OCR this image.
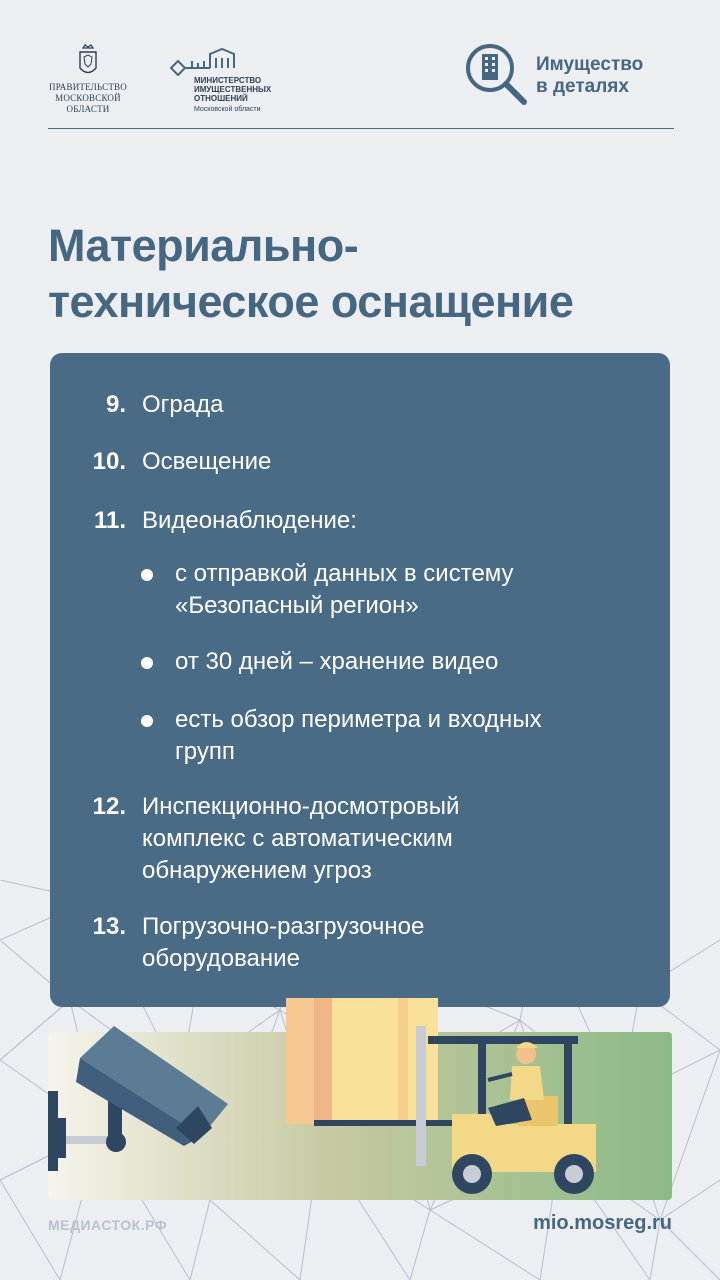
ПРАВИТЕЛЬСТВО
МОСКОВСКОЙ
ОБЛАСТИ
МИНИСТЕРСТВО
ИМУЩЕСТВЕННЫХ
ОТНОШЕНИЙ
Московской области
Имущество
в деталях
Материально-
техническое оснащение
9. Ограда
10. Освещение
11. Видеонаблюдение:
с отправкой данных в систему
«Безопасный регион»
от 30 дней – хранение видео
есть обзор периметра и входных
групп
12. Инспекционно-досмотровый
комплекс с автоматическим
обнаружением угроз
13. Погрузочно-разгрузочное
оборудование
МЕДИАСТОК.РФ	mio.mosreg.ru
